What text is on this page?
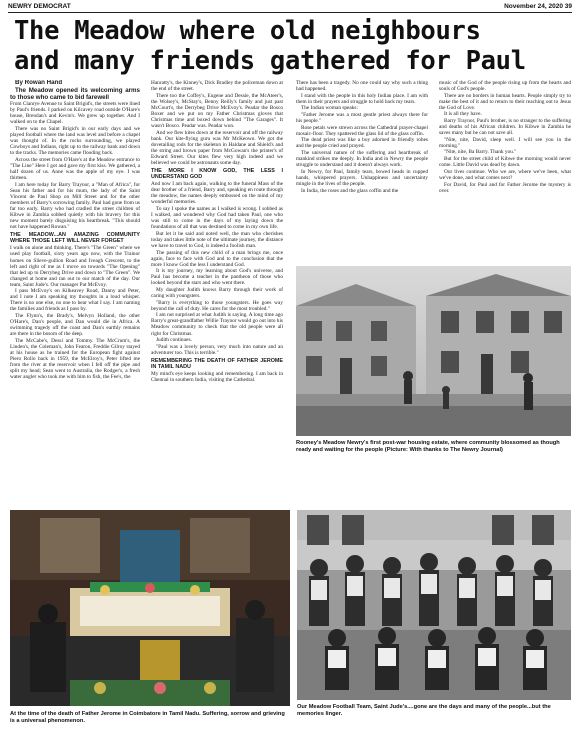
NEWRY DEMOCRAT	November 24, 2020 39
The Meadow where old neighbours
and many friends gathered for Paul

By Rowan Hand

The Meadow opened its welcoming arms to those who came to bid farewell

From Clanrye Avenue to Saint Brigid's, the streets were lined by Paul's friends. I parked on Kilcavey road outside O'Hare's house, Brendan's and Kevin's. We grew up together. And I walked on to the Chapel.

There was no Saint Brigid's in our early days and we played football where the land was level and before a chapel was thought of. In the rocks surrounding, we played Cowboys and Indians, right up to the railway bank and down to the tracks. The memories came flooding back.

Across the street from O'Hare's at the Meadow entrance to "The Line" Here I got and gave my first kiss. We gathered, a half dozen of us. Anne was the apple of my eye. I was thirteen.

I am here today for Barry Traynor, a "Man of Africa", for Sean his father and for his mum, the lady of the Saint Vincent de Paul Shop on Mill Street and for the other members of Barry's sorrowing family. Paul had gone from us far too early. Barry who had cradled the street children of Kibwe in Zambia sobbed quietly with his bravery for this new moment barely disguising his heartbreak. "This should not have happened Rowan."

THE MEADOW...AN AMAZING COMMUNITY WHERE THOSE LEFT WILL NEVER FORGET

I walk on alone and thinking. There's "The Green" where we used play football, sixty years ago now, with the Trainor homes on Slieve-gullion Road and Iveagh Crescent, to the left and right of me as I move on towards "The Opening" that led up to Derrybeg Drive and down to "The Green". We changed at home and ran out to our match of the day. Our team, Saint Jude's. Our manager Pat McEvoy.

I pass McEvoy's on Kilkeavey Road, Danny and Peter, and I note I am speaking my thoughts in a loud whisper. There is no one else, no one to hear what I say. I am naming the families and friends as I pass by.

The Flynn's, the Brady's, Melvyn Holland, the other O'Hare's, Dan's people, and Dan would die in Africa. A swimming tragedy off the coast and Dan's earthly remains are there in the bosom of the deep.

The McCabe's, Dessi and Tommy. The McCrum's, the Linden's, the Coleman's, John Fearon, Freddie Gilroy stayed at his house as he trained for the European fight against Piero Rollo back in 1959, the McElroy's, Peter lifted me from the river at the reservoir when I fell off the pipe and split my head; Sean went to Australia, the Rodger's, a fresh water angler who took me with him to fish, the Fee's, the

Hanratty's, the Kinney's, Dick Bradley the policeman down at the end of the street.

There too the Coffey's, Eugene and Dessie, the McAteer's, the Wolsey's, McStay's, Benny Reilly's family and just past McCourt's, the Derrybeg Drive McEvoy's. Peadar the Bosco Boxer and we put on my Father Christmas gloves that Christmas time and boxed down behind "The Garages". It wasn't Bosco. Peadar was. Peadar won.

And we flew kites down at the reservoir and off the railway bank. Our kite-flying guru was Mr McKeown. We got the dovetailing rods for the skeleton in Haldane and Shield's and the string and brown paper from McGowan's the printer's of Edward Street. Our kites flew very high indeed and we believed we could be astronauts some day.

THE MORE I KNOW GOD, THE LESS I UNDERSTAND GOD

And now I am back again, walking to the funeral Mass of the dear brother of a friend, Barry and, speaking en route through the meadow, the names deeply embossed on the mind of my wonderful memories.

To say I spoke the names as I walked is wrong. I sobbed as I walked, and wondered why God had taken Paul, one who was still to come in the days of my laying down the foundations of all that was destined to come in my own life.

But let it be said and noted well, the man who cherishes today and takes little note of the ultimate journey, the distance we have to travel to God, is indeed a foolish man.

The passing of this new child of a man brings me, once again, face to face with God and to the conclusion that the more I know God the less I understand God.

It is my journey, my learning about God's universe, and Paul has become a teacher in the pantheon of those who looked beyond the stars and who went there.

My daughter Judith knows Barry through their work of caring with youngsters.

"Barry is everything to those youngsters. He goes way beyond the call of duty. He cares for the most troubled."

I am not surprised at what Judith is saying. A long time ago Barry's great-grandfather Willie Traynor would go out into his Meadow community to check that the old people were all right for Christmas.

Judith continues.

"Paul was a lovely person, very much into nature and an adventurer too. This is terrible."

REMEMBERING THE DEATH OF FATHER JEROME IN TAMIL NADU

My mind's eye keeps looking and remembering. I am back in Chennai in southern India, visiting the Cathedral.

There has been a tragedy. No one could say why such a thing had happened.

I stand with the people in this holy Indian place. I am with them in their prayers and struggle to hold back my tears.

The Indian woman speaks:

"Father Jerome was a most gentle priest always there for his people."

Rose petals were strewn across the Cathedral prayer-chapel mosaic-floor. They spattered the glass lid of the glass coffin.

The dead priest was like a boy adorned in friendly robes and the people cried and prayed.

The universal nature of the suffering and heartbreak of mankind strikes me deeply. In India and in Newry the people struggle to understand and it doesn't always work.

In Newry, for Paul, family tears, bowed heads in cupped hands, whispered prayers. Unhappiness and uncertainty mingle in the lives of the people.

In India, the roses and the glass coffin and the

music of the God of the people rising up from the hearts and souls of God's people.

There are no borders in human hearts. People simply try to make the best of it and to return to their reaching out to Jesus the God of Love.

It is all they have.

Barry Traynor, Paul's brother, is no stranger to the suffering and deaths of his African children. In Kibwe in Zambia he saves many but he can not save all.

"Nite, nite, David, sleep well. I will see you in the morning."

"Nite, nite, Ba Barry. Thank you."

But for the street child of Kibwe the morning would never come. Little David was dead by dawn.

Our lives continue. Who we are, where we've been, what we've done, and what comes next?

For David, for Paul and for Father Jerome the mystery is over.

Rooney's Meadow Newry's first post-war housing estate, where community blossomed as though ready and waiting for the people (Picture: With thanks to The Newry Journal)
At the time of the death of Father Jerome in Coimbatore in Tamil Nadu. Suffering, sorrow and grieving is a universal phenomenon.
Our Meadow Football Team, Saint Jude's....gone are the days and many of the people...but the memories linger.
